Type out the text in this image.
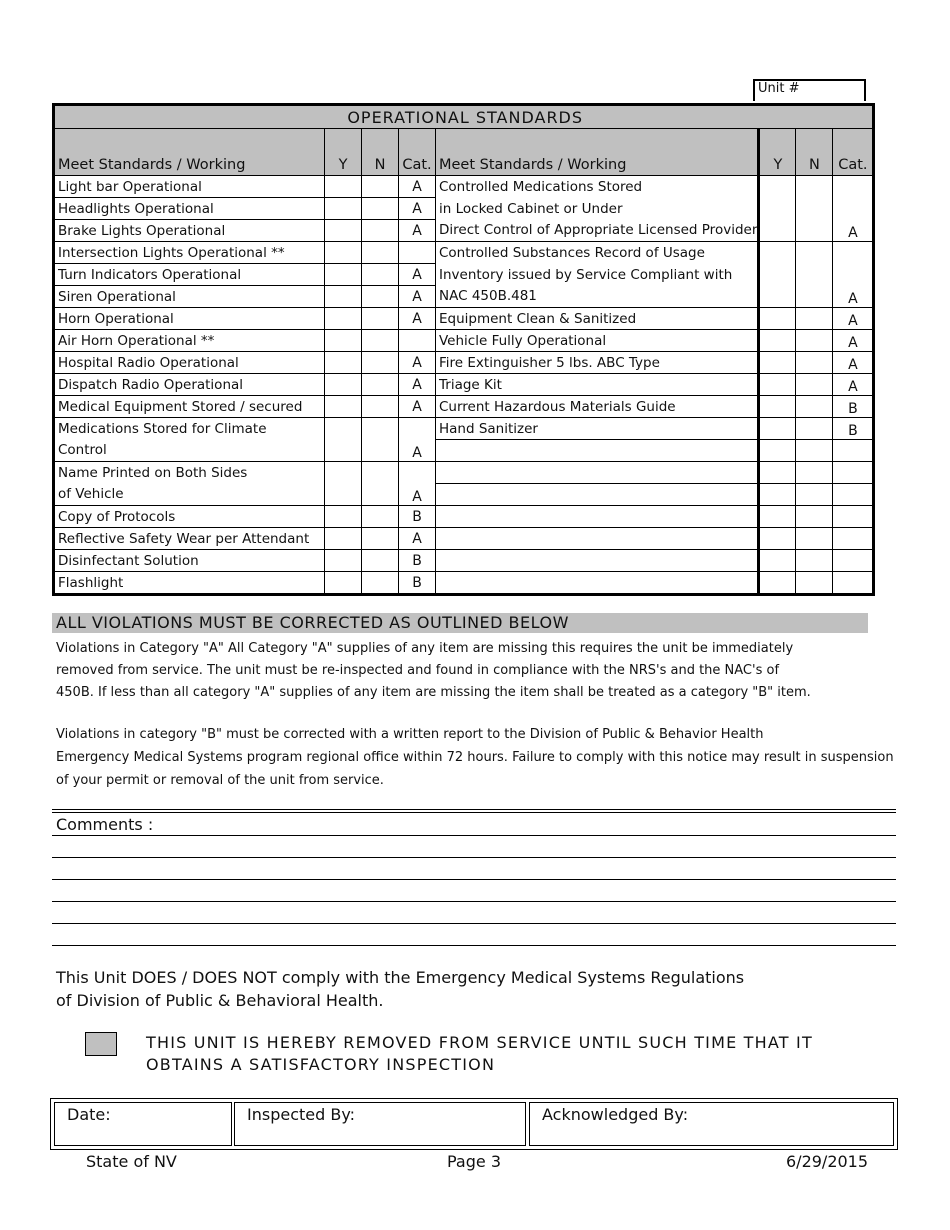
Unit #
OPERATIONAL STANDARDS							
Meet Standards / Working	Y	N	Cat.	Meet Standards / Working	Y	N	Cat.
Light bar Operational			A	Controlled Medications Stored			A
Headlights Operational			A	in Locked Cabinet or Under			
Brake Lights Operational			A	Direct Control of Appropriate Licensed Provider			
Intersection Lights Operational **				Controlled Substances Record of Usage			A
Turn Indicators Operational			A	Inventory issued by Service Compliant with			
Siren Operational			A	NAC 450B.481			
Horn Operational			A	Equipment Clean & Sanitized			A
Air Horn Operational **				Vehicle Fully Operational			A
Hospital Radio Operational			A	Fire Extinguisher 5 lbs. ABC Type			A
Dispatch Radio Operational			A	Triage Kit			A
Medical Equipment Stored / secured			A	Current Hazardous Materials Guide			B
Medications Stored for Climate			A	Hand Sanitizer			B
Control							
Name Printed on Both Sides			A				
of Vehicle							
Copy of Protocols			B				
Reflective Safety Wear per Attendant			A				
Disinfectant Solution			B				
Flashlight			B				
ALL VIOLATIONS MUST BE CORRECTED AS OUTLINED BELOW
Violations in Category "A" All Category "A" supplies of any item are missing this requires the unit be immediately
removed from service. The unit must be re-inspected and found in compliance with the NRS's and the NAC's of
450B. If less than all category "A" supplies of any item are missing the item shall be treated as a category "B" item.
Violations in category "B" must be corrected with a written report to the Division of Public & Behavior Health
Emergency Medical Systems program regional office within 72 hours. Failure to comply with this notice may result in suspension
of your permit or removal of the unit from service.
Comments :
This Unit DOES / DOES NOT comply with the Emergency Medical Systems Regulations
of Division of Public & Behavioral Health.
THIS UNIT IS HEREBY REMOVED FROM SERVICE UNTIL SUCH TIME THAT IT
OBTAINS A SATISFACTORY INSPECTION
Date:	Inspected By:	Acknowledged By:
State of NV	Page 3	6/29/2015
